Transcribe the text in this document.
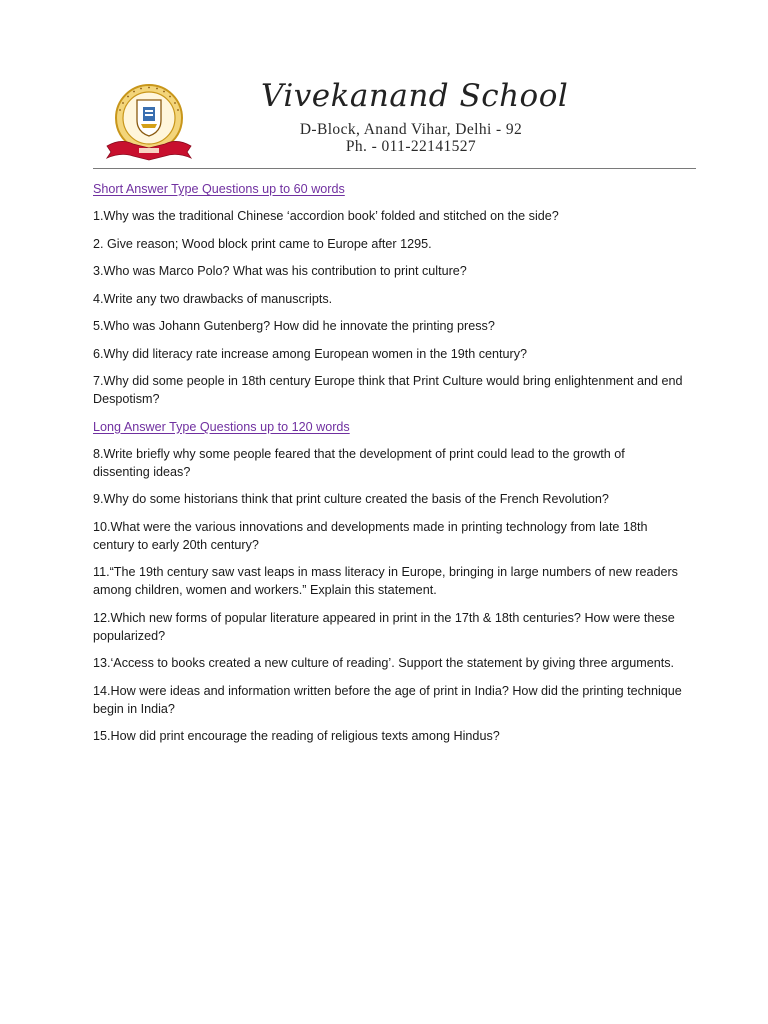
Vivekanand School
D-Block, Anand Vihar, Delhi - 92
Ph. - 011-22141527
Short Answer Type Questions up to 60 words
1.Why was the traditional Chinese ‘accordion book’ folded and stitched on the side?
2. Give reason; Wood block print came to Europe after 1295.
3.Who was Marco Polo? What was his contribution to print culture?
4.Write any two drawbacks of manuscripts.
5.Who was Johann Gutenberg? How did he innovate the printing press?
6.Why did literacy rate increase among European women in the 19th century?
7.Why did some people in 18th century Europe think that Print Culture would bring enlightenment and end Despotism?
Long Answer Type Questions up to 120 words
8.Write briefly why some people feared that the development of print could lead to the growth of dissenting ideas?
9.Why do some historians think that print culture created the basis of the French Revolution?
10.What were the various innovations and developments made in printing technology from late 18th century to early 20th century?
11.“The 19th century saw vast leaps in mass literacy in Europe, bringing in large numbers of new readers among children, women and workers.” Explain this statement.
12.Which new forms of popular literature appeared in print in the 17th & 18th centuries? How were these popularized?
13.‘Access to books created a new culture of reading’. Support the statement by giving three arguments.
14.How were ideas and information written before the age of print in India? How did the printing technique begin in India?
15.How did print encourage the reading of religious texts among Hindus?
